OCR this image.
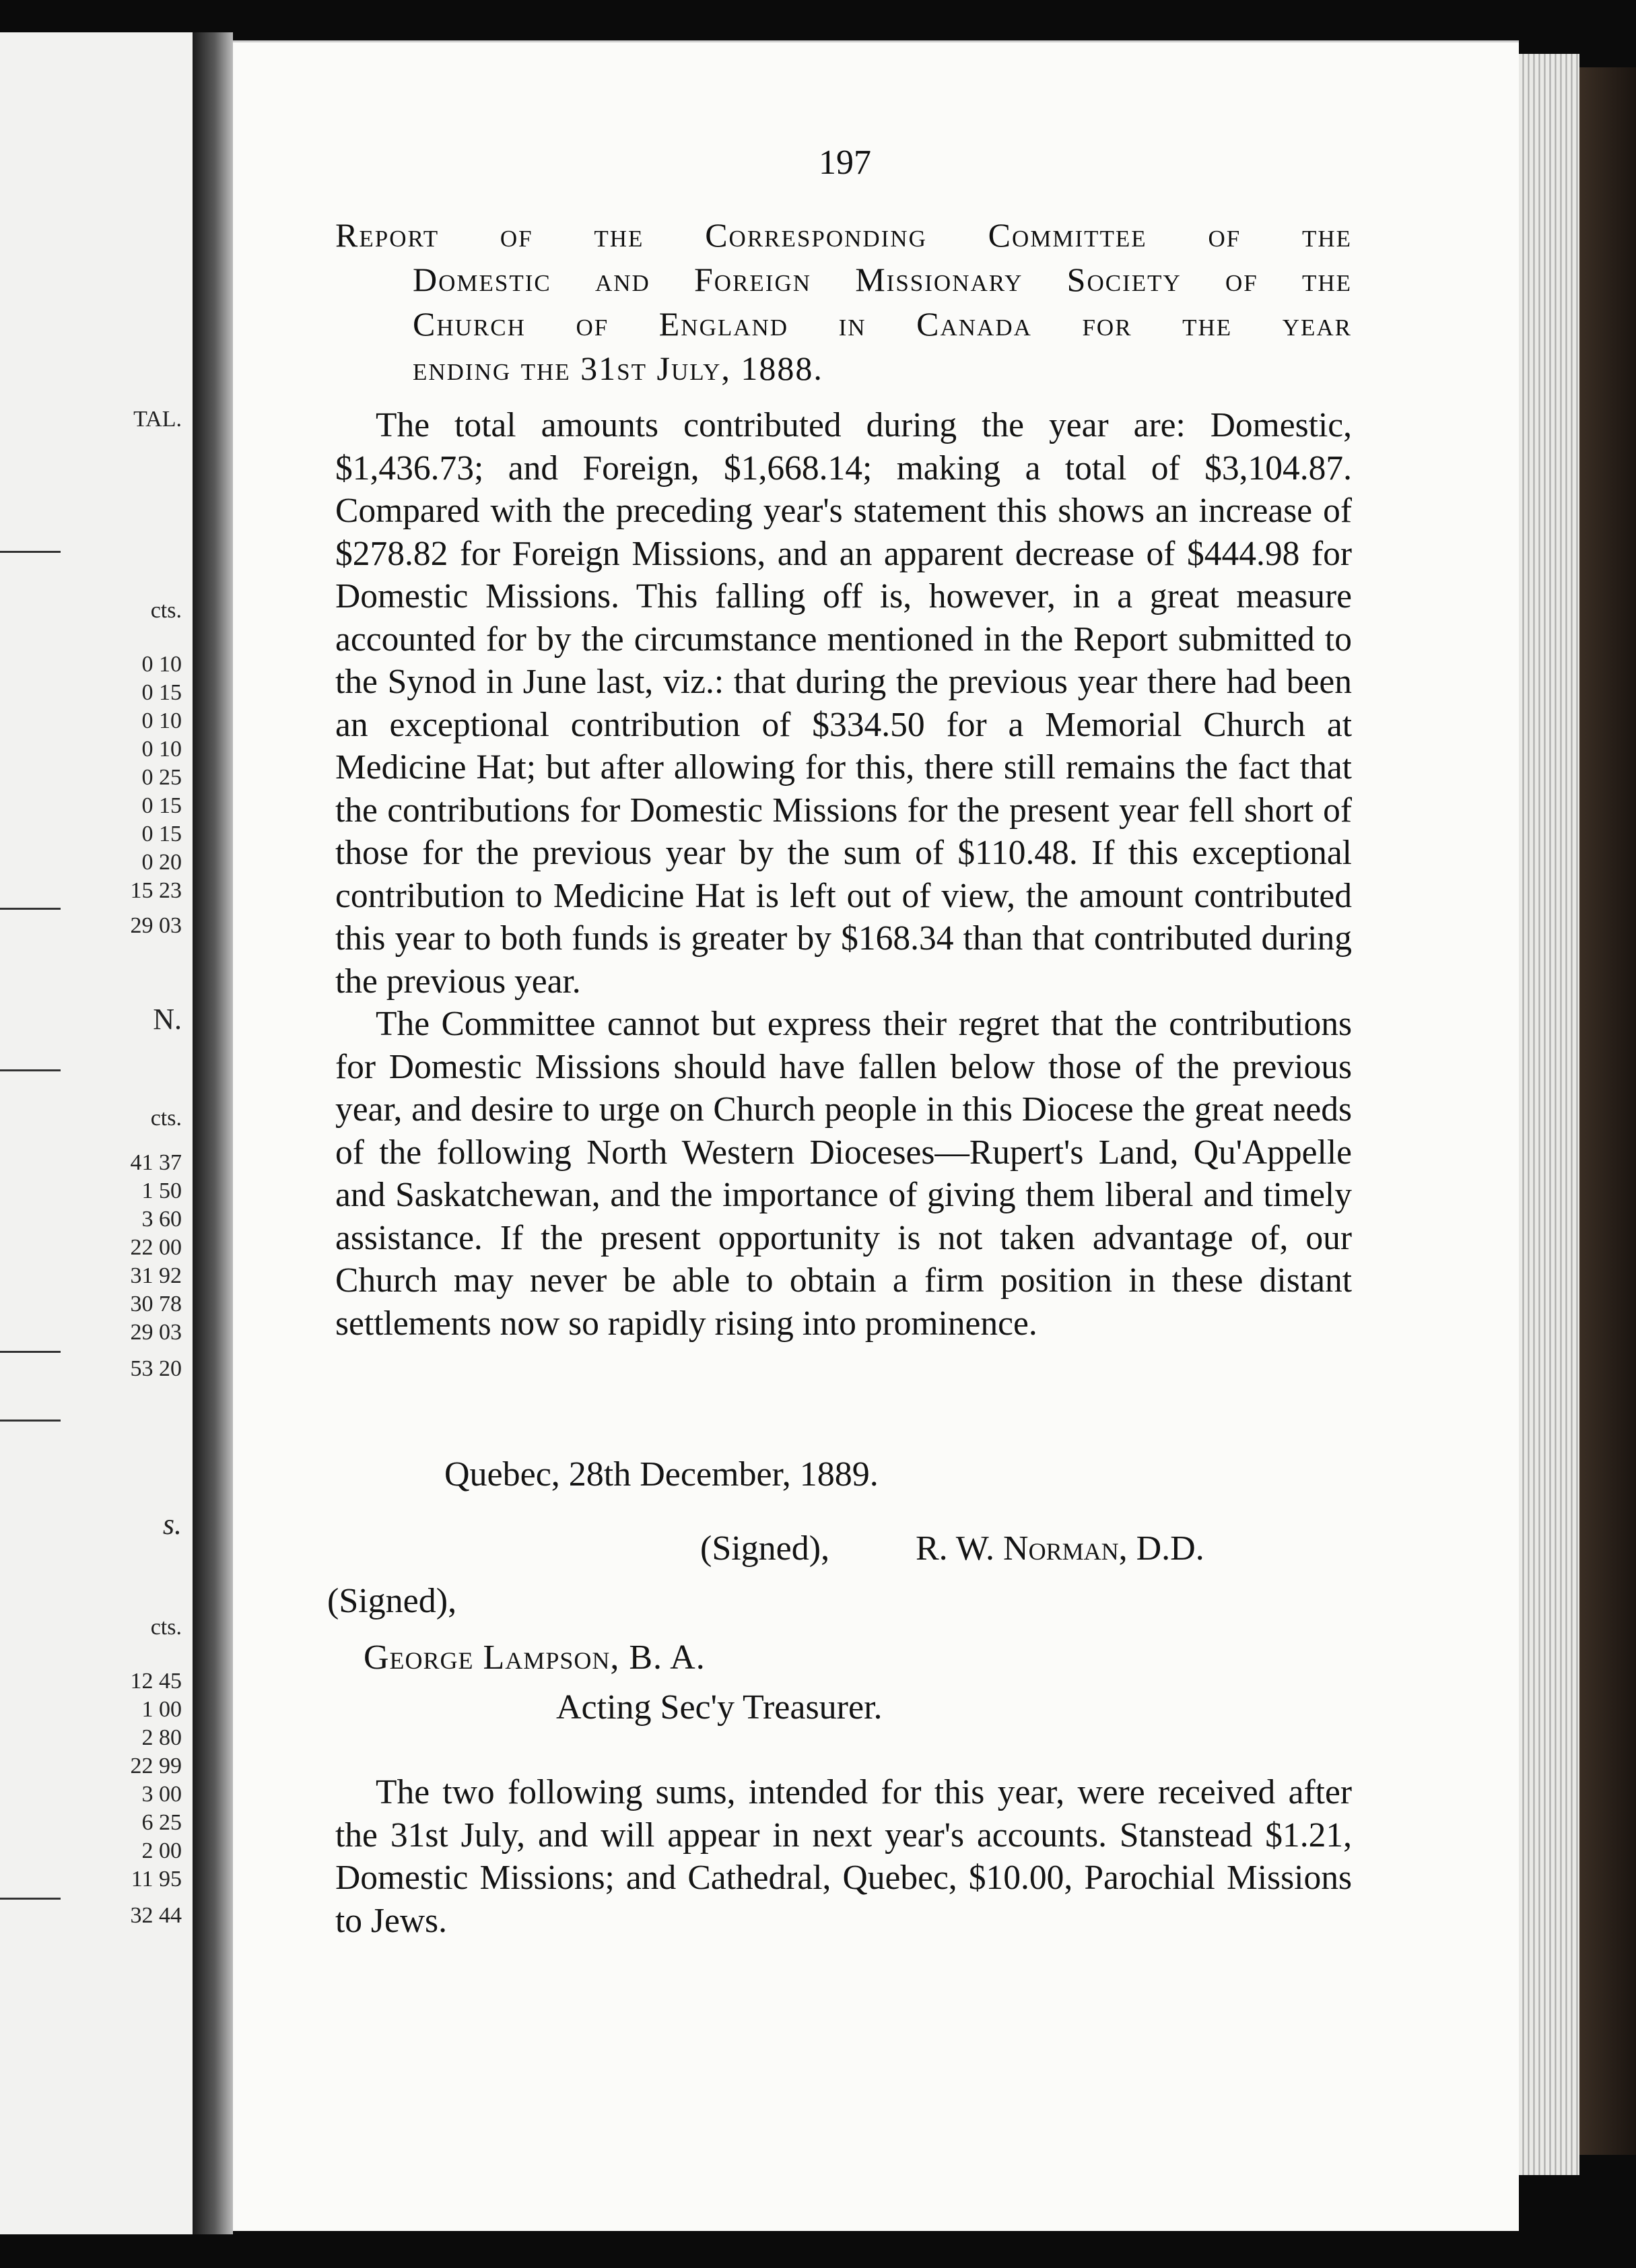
TAL.
cts.
0 10
0 15
0 10
0 10
0 25
0 15
0 15
0 20
15 23
29 03
N.
cts.
41 37
1 50
3 60
22 00
31 92
30 78
29 03
53 20
s.
cts.
12 45
1 00
2 80
22 99
3 00
6 25
2 00
11 95
32 44
197
Report of the Corresponding Committee of the
Domestic and Foreign Missionary Society of the
Church of England in Canada for the year
ending the 31st July, 1888.

The total amounts contributed during the year are: Domestic, $1,436.73; and Foreign, $1,668.14; making a total of $3,104.87. Compared with the preceding year's statement this shows an increase of $278.82 for Foreign Missions, and an apparent decrease of $444.98 for Domestic Missions. This falling off is, however, in a great measure accounted for by the circumstance mentioned in the Report submitted to the Synod in June last, viz.: that during the previous year there had been an exceptional contribution of $334.50 for a Memorial Church at Medicine Hat; but after allowing for this, there still remains the fact that the contributions for Domestic Missions for the present year fell short of those for the previous year by the sum of $110.48. If this exceptional contribution to Medicine Hat is left out of view, the amount contributed this year to both funds is greater by $168.34 than that contributed during the previous year.

The Committee cannot but express their regret that the contributions for Domestic Missions should have fallen below those of the previous year, and desire to urge on Church people in this Diocese the great needs of the following North Western Dioceses—Rupert's Land, Qu'Appelle and Saskatchewan, and the importance of giving them liberal and timely assistance. If the present opportunity is not taken advantage of, our Church may never be able to obtain a firm position in these distant settlements now so rapidly rising into prominence.

Quebec, 28th December, 1889.
(Signed), R. W. Norman, D.D.
(Signed),
George Lampson, B. A.
Acting Sec'y Treasurer.

The two following sums, intended for this year, were received after the 31st July, and will appear in next year's accounts. Stanstead $1.21, Domestic Missions; and Cathedral, Quebec, $10.00, Parochial Missions to Jews.
